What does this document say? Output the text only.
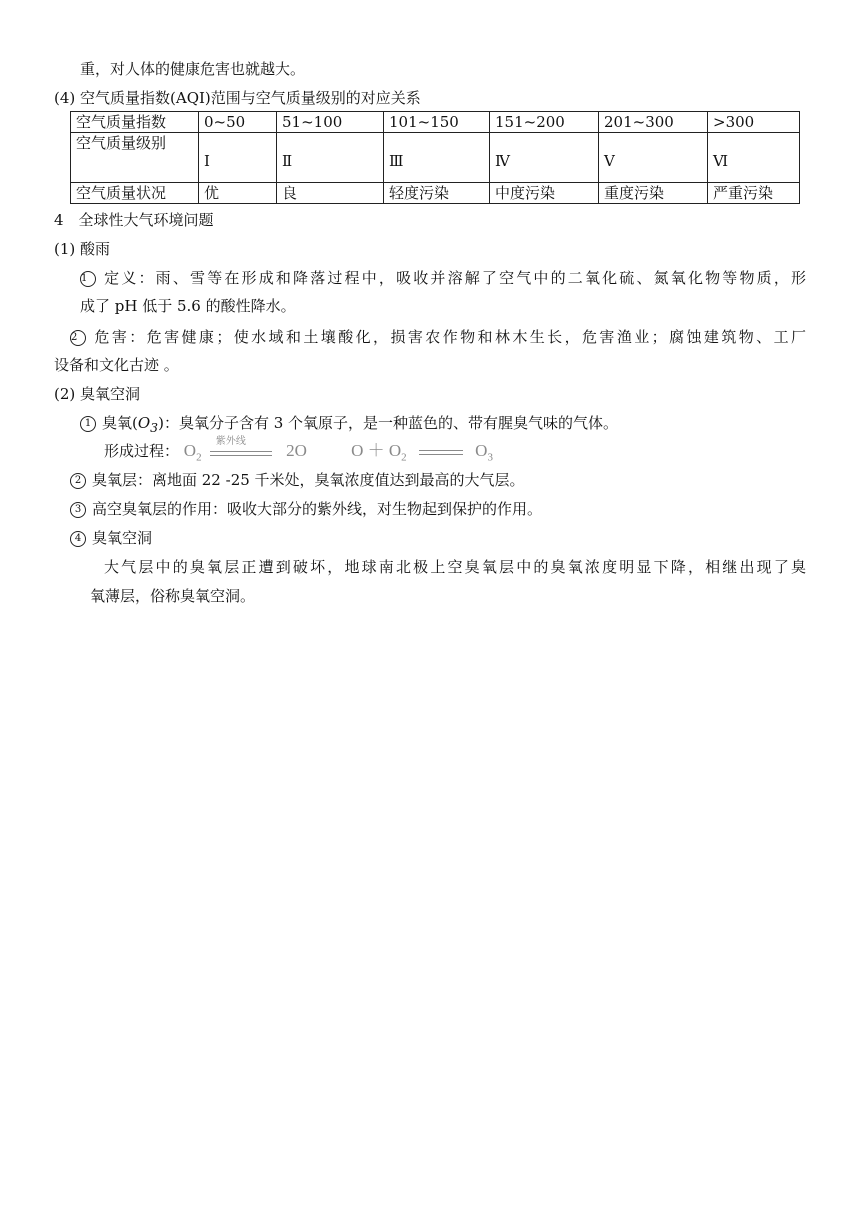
重，对人体的健康危害也就越大。
(4) 空气质量指数(AQI)范围与空气质量级别的对应关系
空气质量指数	0~50	51~100	101~150	151~200	201~300	>300
空气质量级别	Ⅰ	Ⅱ	Ⅲ	Ⅳ	Ⅴ	Ⅵ
空气质量状况	优	良	轻度污染	中度污染	重度污染	严重污染
4　全球性大气环境问题
(1) 酸雨
1 定义：雨、雪等在形成和降落过程中，吸收并溶解了空气中的二氧化硫、氮氧化物等物质，形
成了 pH 低于 5.6 的酸性降水。
2 危害：危害健康；使水域和土壤酸化，损害农作物和林木生长，危害渔业；腐蚀建筑物、工厂
设备和文化古迹 。
(2) 臭氧空洞
1 臭氧$(O_3)$：臭氧分子含有 3 个氧原子，是一种蓝色的、带有腥臭气味的气体。
形成过程： $O_2$
紫外线 2O	$O + O_2$	$O_3$
2 臭氧层：离地面 22 -25 千米处，臭氧浓度值达到最高的大气层。
3 高空臭氧层的作用：吸收大部分的紫外线，对生物起到保护的作用。
4 臭氧空洞
大气层中的臭氧层正遭到破坏，地球南北极上空臭氧层中的臭氧浓度明显下降，相继出现了臭
氧薄层，俗称臭氧空洞。
